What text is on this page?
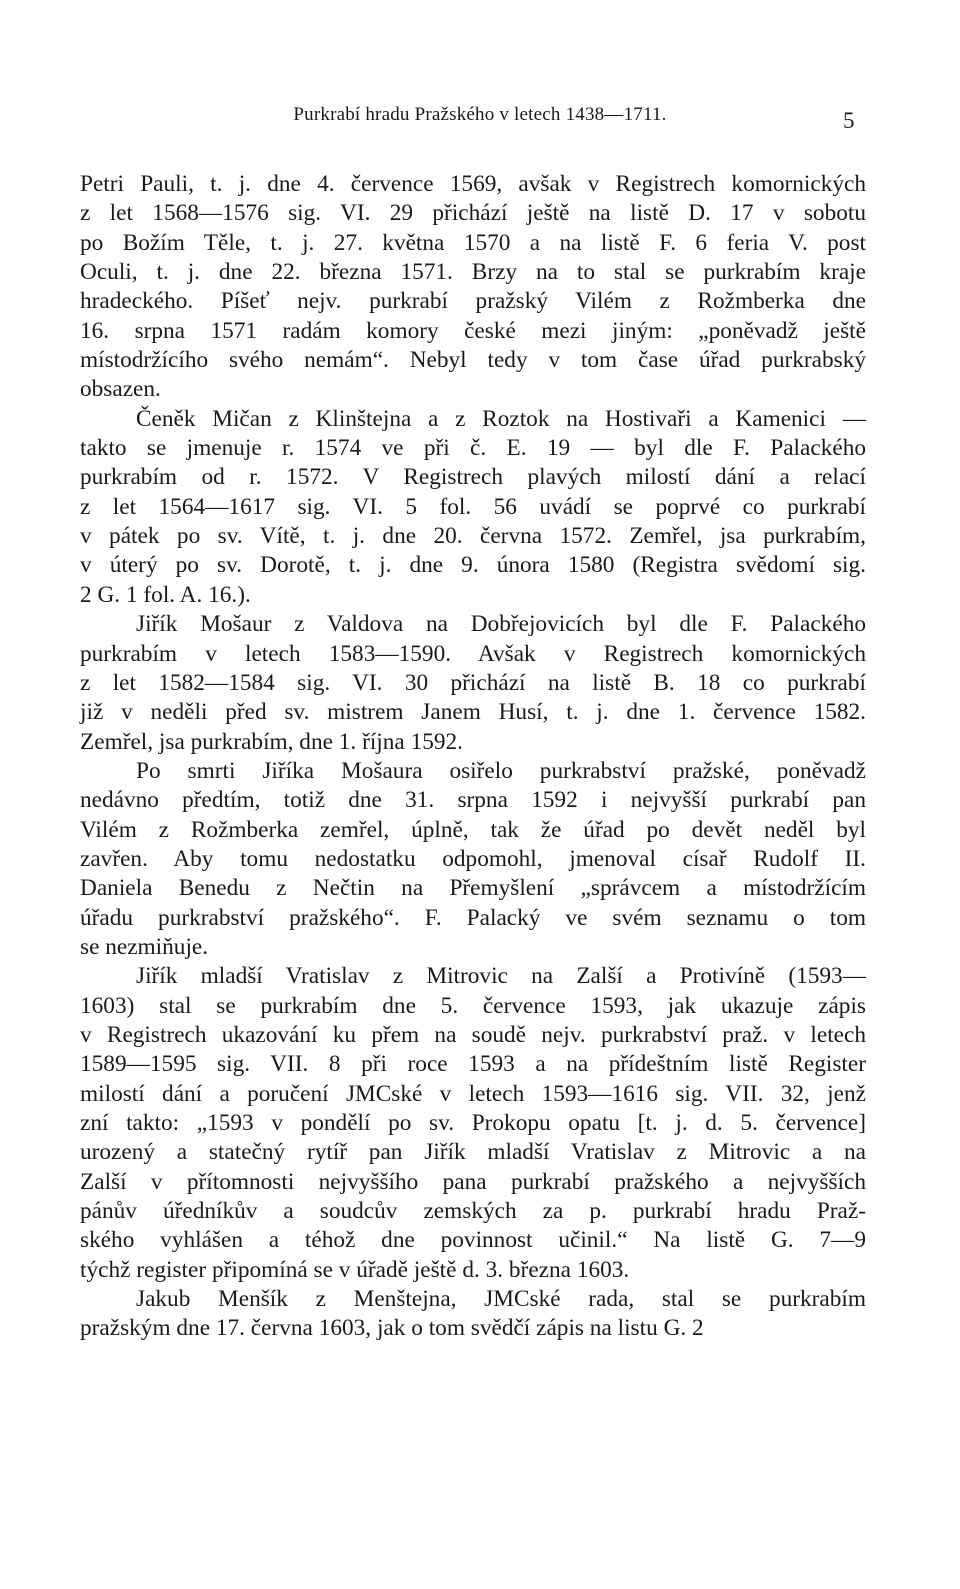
Purkrabí hradu Pražského v letech 1438—1711.	5
Petri Pauli, t. j. dne 4. července 1569, avšak v Registrech komornických
z let 1568—1576 sig. VI. 29 přichází ještě na listě D. 17 v sobotu
po Božím Těle, t. j. 27. května 1570 a na listě F. 6 feria V. post
Oculi, t. j. dne 22. března 1571. Brzy na to stal se purkrabím kraje
hradeckého. Píšeť nejv. purkrabí pražský Vilém z Rožmberka dne
16. srpna 1571 radám komory české mezi jiným: „poněvadž ještě
místodržícího svého nemám“. Nebyl tedy v tom čase úřad purkrabský
obsazen.
Čeněk Mičan z Klinštejna a z Roztok na Hostivaři a Kamenici —
takto se jmenuje r. 1574 ve při č. E. 19 — byl dle F. Palackého
purkrabím od r. 1572. V Registrech plavých milostí dání a relací
z let 1564—1617 sig. VI. 5 fol. 56 uvádí se poprvé co purkrabí
v pátek po sv. Vítě, t. j. dne 20. června 1572. Zemřel, jsa purkrabím,
v úterý po sv. Dorotě, t. j. dne 9. února 1580 (Registra svědomí sig.
2 G. 1 fol. A. 16.).
Jiřík Mošaur z Valdova na Dobřejovicích byl dle F. Palackého
purkrabím v letech 1583—1590. Avšak v Registrech komornických
z let 1582—1584 sig. VI. 30 přichází na listě B. 18 co purkrabí
již v neděli před sv. mistrem Janem Husí, t. j. dne 1. července 1582.
Zemřel, jsa purkrabím, dne 1. října 1592.
Po smrti Jiříka Mošaura osiřelo purkrabství pražské, poněvadž
nedávno předtím, totiž dne 31. srpna 1592 i nejvyšší purkrabí pan
Vilém z Rožmberka zemřel, úplně, tak že úřad po devět neděl byl
zavřen. Aby tomu nedostatku odpomohl, jmenoval císař Rudolf II.
Daniela Benedu z Nečtin na Přemyšlení „správcem a místodržícím
úřadu purkrabství pražského“. F. Palacký ve svém seznamu o tom
se nezmiňuje.
Jiřík mladší Vratislav z Mitrovic na Zalší a Protivíně (1593—
1603) stal se purkrabím dne 5. července 1593, jak ukazuje zápis
v Registrech ukazování ku přem na soudě nejv. purkrabství praž. v letech
1589—1595 sig. VII. 8 při roce 1593 a na přídeštním listě Register
milostí dání a poručení JMCské v letech 1593—1616 sig. VII. 32, jenž
zní takto: „1593 v pondělí po sv. Prokopu opatu [t. j. d. 5. července]
urozený a statečný rytíř pan Jiřík mladší Vratislav z Mitrovic a na
Zalší v přítomnosti nejvyššího pana purkrabí pražského a nejvyšších
pánův úředníkův a soudcův zemských za p. purkrabí hradu Praž-
ského vyhlášen a téhož dne povinnost učinil.“ Na listě G. 7—9
týchž register připomíná se v úřadě ještě d. 3. března 1603.
Jakub Menšík z Menštejna, JMCské rada, stal se purkrabím
pražským dne 17. června 1603, jak o tom svědčí zápis na listu G. 2
